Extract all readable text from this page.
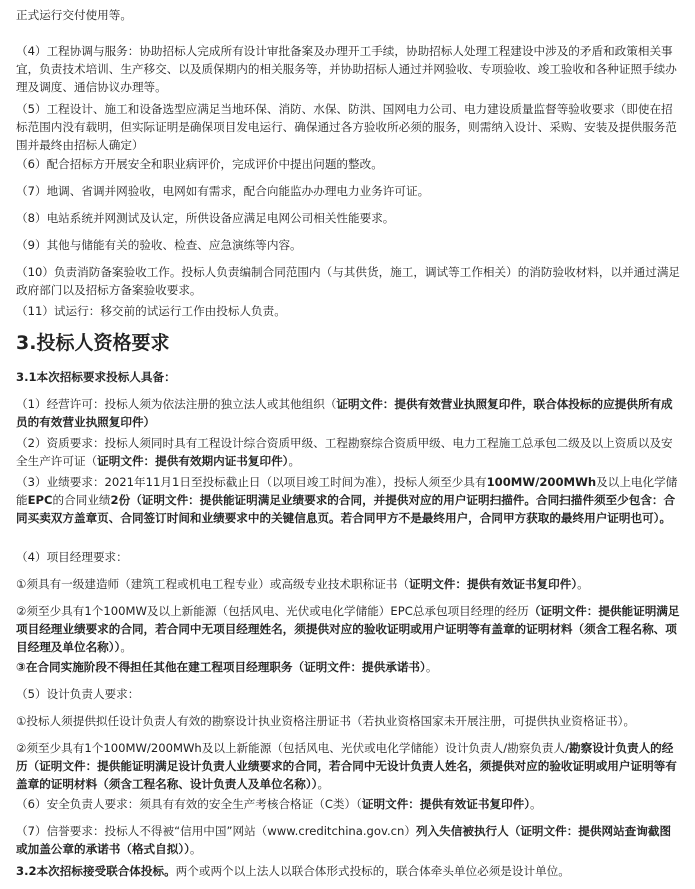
正式运行交付使用等。

（4）工程协调与服务：协助招标人完成所有设计审批备案及办理开工手续，协助招标人处理工程建设中涉及的矛盾和政策相关事宜，负责技术培训、生产移交、以及质保期内的相关服务等，并协助招标人通过并网验收、专项验收、竣工验收和各种证照手续办理及调度、通信协议办理等。

（5）工程设计、施工和设备选型应满足当地环保、消防、水保、防洪、国网电力公司、电力建设质量监督等验收要求（即使在招标范围内没有载明，但实际证明是确保项目发电运行、确保通过各方验收所必须的服务，则需纳入设计、采购、安装及提供服务范围并最终由招标人确定）

（6）配合招标方开展安全和职业病评价，完成评价中提出问题的整改。

（7）地调、省调并网验收，电网如有需求，配合向能监办办理电力业务许可证。

（8）电站系统并网测试及认定，所供设备应满足电网公司相关性能要求。

（9）其他与储能有关的验收、检查、应急演练等内容。

（10）负责消防备案验收工作。投标人负责编制合同范围内（与其供货，施工，调试等工作相关）的消防验收材料，以并通过满足政府部门以及招标方备案验收要求。

（11）试运行：移交前的试运行工作由投标人负责。

3.投标人资格要求

3.1本次招标要求投标人具备：

（1）经营许可：投标人须为依法注册的独立法人或其他组织（证明文件：提供有效营业执照复印件，联合体投标的应提供所有成员的有效营业执照复印件）

（2）资质要求：投标人须同时具有工程设计综合资质甲级、工程勘察综合资质甲级、电力工程施工总承包二级及以上资质以及安全生产许可证（证明文件：提供有效期内证书复印件）。

（3）业绩要求：2021年11月1日至投标截止日（以项目竣工时间为准），投标人须至少具有100MW/200MWh及以上电化学储能EPC的合同业绩2份（证明文件：提供能证明满足业绩要求的合同，并提供对应的用户证明扫描件。合同扫描件须至少包含：合同买卖双方盖章页、合同签订时间和业绩要求中的关键信息页。若合同甲方不是最终用户，合同甲方获取的最终用户证明也可）。

（4）项目经理要求：

①须具有一级建造师（建筑工程或机电工程专业）或高级专业技术职称证书（证明文件：提供有效证书复印件）。

②须至少具有1个100MW及以上新能源（包括风电、光伏或电化学储能）EPC总承包项目经理的经历（证明文件：提供能证明满足项目经理业绩要求的合同，若合同中无项目经理姓名，须提供对应的验收证明或用户证明等有盖章的证明材料（须含工程名称、项目经理及单位名称））。

③在合同实施阶段不得担任其他在建工程项目经理职务（证明文件：提供承诺书）。

（5）设计负责人要求：

①投标人须提供拟任设计负责人有效的勘察设计执业资格注册证书（若执业资格国家未开展注册，可提供执业资格证书）。

②须至少具有1个100MW/200MWh及以上新能源（包括风电、光伏或电化学储能）设计负责人/勘察负责人/勘察设计负责人的经历（证明文件：提供能证明满足设计负责人业绩要求的合同，若合同中无设计负责人姓名，须提供对应的验收证明或用户证明等有盖章的证明材料（须含工程名称、设计负责人及单位名称））。

（6）安全负责人要求：须具有有效的安全生产考核合格证（C类）（证明文件：提供有效证书复印件）。

（7）信誉要求：投标人不得被“信用中国”网站（www.creditchina.gov.cn）列入失信被执行人（证明文件：提供网站查询截图或加盖公章的承诺书（格式自拟））。

3.2本次招标接受联合体投标。两个或两个以上法人以联合体形式投标的，联合体牵头单位必须是设计单位。
